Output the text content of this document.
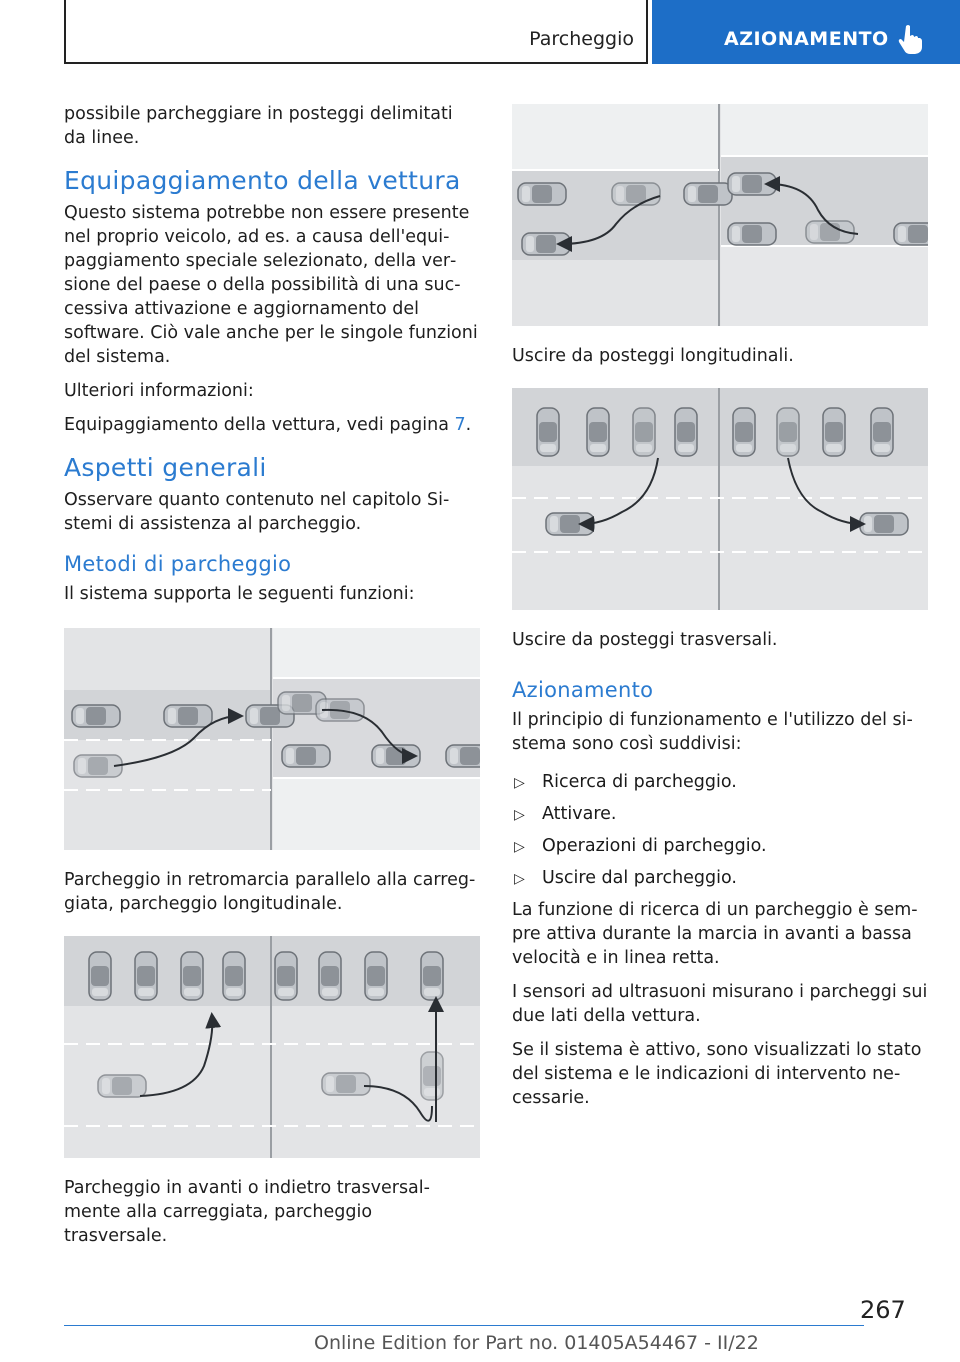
Parcheggio	AZIONAMENTO

possibile parcheggiare in posteggi delimitati da linee.

Equipaggiamento della vettura

Questo sistema potrebbe non essere presente nel proprio veicolo, ad es. a causa dell'equipaggiamento speciale selezionato, della versione del paese o della possibilità di una successiva attivazione e aggiornamento del software. Ciò vale anche per le singole funzioni del sistema.

Ulteriori informazioni:

Equipaggiamento della vettura, vedi pagina 7.

Aspetti generali

Osservare quanto contenuto nel capitolo Sistemi di assistenza al parcheggio.

Metodi di parcheggio

Il sistema supporta le seguenti funzioni:

Parcheggio in retromarcia parallelo alla carreggiata, parcheggio longitudinale.

Parcheggio in avanti o indietro trasversalmente alla carreggiata, parcheggio trasversale.

Uscire da posteggi longitudinali.

Uscire da posteggi trasversali.

Azionamento

Il principio di funzionamento e l'utilizzo del sistema sono così suddivisi:

▷ Ricerca di parcheggio.
▷ Attivare.
▷ Operazioni di parcheggio.
▷ Uscire dal parcheggio.

La funzione di ricerca di un parcheggio è sempre attiva durante la marcia in avanti a bassa velocità e in linea retta.

I sensori ad ultrasuoni misurano i parcheggi sui due lati della vettura.

Se il sistema è attivo, sono visualizzati lo stato del sistema e le indicazioni di intervento necessarie.

267
Online Edition for Part no. 01405A54467 - II/22
